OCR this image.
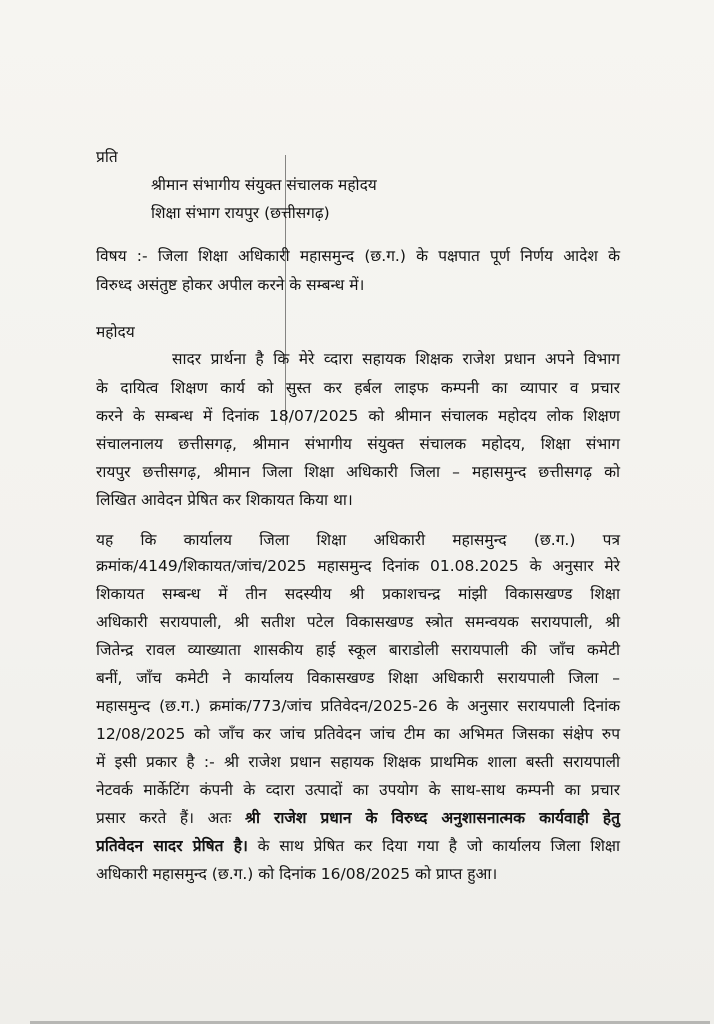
प्रति
श्रीमान संभागीय संयुक्त संचालक महोदय
शिक्षा संभाग रायपुर (छत्तीसगढ़)
विषय :- जिला शिक्षा अधिकारी महासमुन्द (छ.ग.) के पक्षपात पूर्ण निर्णय आदेश के
विरुध्द असंतुष्ट होकर अपील करने के सम्बन्ध में।
महोदय
सादर प्रार्थना है कि मेरे व्दारा सहायक शिक्षक राजेश प्रधान अपने विभाग
के दायित्व शिक्षण कार्य को सुस्त कर हर्बल लाइफ कम्पनी का व्यापार व प्रचार
करने के सम्बन्ध में दिनांक 18/07/2025 को श्रीमान संचालक महोदय लोक शिक्षण
संचालनालय छत्तीसगढ़, श्रीमान संभागीय संयुक्त संचालक महोदय, शिक्षा संभाग
रायपुर छत्तीसगढ़, श्रीमान जिला शिक्षा अधिकारी जिला – महासमुन्द छत्तीसगढ़ को
लिखित आवेदन प्रेषित कर शिकायत किया था।
यह कि कार्यालय जिला शिक्षा अधिकारी महासमुन्द (छ.ग.) पत्र
क्रमांक/4149/शिकायत/जांच/2025 महासमुन्द दिनांक 01.08.2025 के अनुसार मेरे
शिकायत सम्बन्ध में तीन सदस्यीय श्री प्रकाशचन्द्र मांझी विकासखण्ड शिक्षा
अधिकारी सरायपाली, श्री सतीश पटेल विकासखण्ड स्त्रोत समन्वयक सरायपाली, श्री
जितेन्द्र रावल व्याख्याता शासकीय हाई स्कूल बाराडोली सरायपाली की जाँच कमेटी
बनीं, जाँच कमेटी ने कार्यालय विकासखण्ड शिक्षा अधिकारी सरायपाली जिला –
महासमुन्द (छ.ग.) क्रमांक/773/जांच प्रतिवेदन/2025-26 के अनुसार सरायपाली दिनांक
12/08/2025 को जाँच कर जांच प्रतिवेदन जांच टीम का अभिमत जिसका संक्षेप रुप
में इसी प्रकार है :- श्री राजेश प्रधान सहायक शिक्षक प्राथमिक शाला बस्ती सरायपाली
नेटवर्क मार्केटिंग कंपनी के व्दारा उत्पादों का उपयोग के साथ-साथ कम्पनी का प्रचार
प्रसार करते हैं। अतः श्री राजेश प्रधान के विरुध्द अनुशासनात्मक कार्यवाही हेतु
प्रतिवेदन सादर प्रेषित है। के साथ प्रेषित कर दिया गया है जो कार्यालय जिला शिक्षा
अधिकारी महासमुन्द (छ.ग.) को दिनांक 16/08/2025 को प्राप्त हुआ।
